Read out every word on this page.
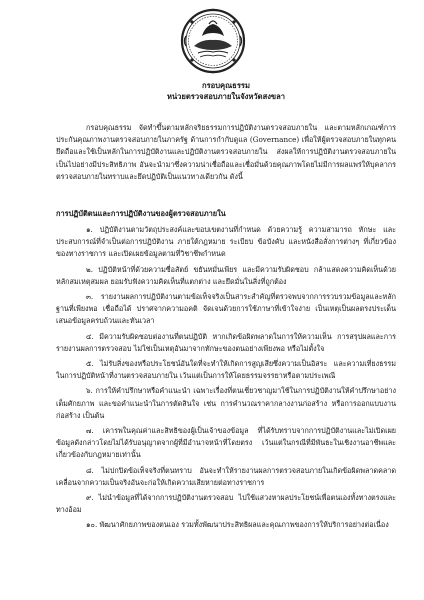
กรอบคุณธรรม

หน่วยตรวจสอบภายในจังหวัดสงขลา

กรอบคุณธรรม จัดทำขึ้นตามหลักจริยธรรมการปฏิบัติงานตรวจสอบภายใน และตามหลักเกณฑ์การประกันคุณภาพงานตรวจสอบภายในภาครัฐ ด้านการกำกับดูแล (Governance) เพื่อให้ผู้ตรวจสอบภายในทุกคนยึดถือและใช้เป็นหลักในการปฏิบัติงานและปฏิบัติงานตรวจสอบภายใน ส่งผลให้การปฏิบัติงานตรวจสอบภายในเป็นไปอย่างมีประสิทธิภาพ อันจะนำมาซึ่งความน่าเชื่อถือและเชื่อมั่นด้วยคุณภาพโดยไม่มีการผลแพร่ให้บุคลากรตรวจสอบภายในทราบและยึดปฏิบัติเป็นแนวทางเดียวกัน ดังนี้

การปฏิบัติตนและการปฏิบัติงานของผู้ตรวจสอบภายใน

๑. ปฏิบัติงานตามวัตถุประสงค์และขอบเขตงานที่กำหนด ด้วยความรู้ ความสามารถ ทักษะ และประสบการณ์ที่จำเป็นต่อการปฏิบัติงาน ภายใต้กฎหมาย ระเบียบ ข้อบังคับ และหนังสือสั่งการต่างๆ ที่เกี่ยวข้องของทางราชการ และเปิดเผยข้อมูลตามที่วิชาชีพกำหนด
๒. ปฏิบัติหน้าที่ด้วยความซื่อสัตย์ ขยันหมั่นเพียร และมีความรับผิดชอบ กล้าแสดงความคิดเห็นด้วยหลักสมเหตุสมผล ยอมรับฟังความคิดเห็นที่แตกต่าง และยึดมั่นในสิ่งที่ถูกต้อง
๓. รายงานผลการปฏิบัติงานตามข้อเท็จจริงเป็นสาระสำคัญที่ตรวจพบจากการรวบรวมข้อมูลและหลักฐานที่เพียงพอ เชื่อถือได้ ปราศจากความอคติ จัดเจนด้วยการใช้ภาษาที่เข้าใจง่าย เป็นเหตุเป็นผลตรงประเด็น เสนอข้อมูลครบถ้วนและทันเวลา
๔. มีความรับผิดชอบต่องานที่ตนปฏิบัติ หากเกิดข้อผิดพลาดในการให้ความเห็น การสรุปผลและการรายงานผลการตรวจสอบ ไม่ใช่เป็นเหตุอันมาจากทักษะของตนอย่างเพียงพอ หรือไม่ตั้งใจ
๕. ไม่รับสิ่งของหรือประโยชน์อันใดที่จะทำให้เกิดการสูญเสียซึ่งความเป็นอิสระ และความเที่ยงธรรมในการปฏิบัติหน้าที่งานตรวจสอบภายใน เว้นแต่เป็นการให้โดยธรรมจรรยาหรือตามประเพณี
๖. การให้คำปรึกษาหรือคำแนะนำ เฉพาะเรื่องที่ตนเชี่ยวชาญมาใช้ในการปฏิบัติงานให้คำปรึกษาอย่างเต็มศักยภาพ และขอคำแนะนำในการตัดสินใจ เช่น การคำนวณราคากลางงานก่อสร้าง หรือการออกแบบงานก่อสร้าง เป็นต้น
๗. เคารพในคุณค่าและสิทธิของผู้เป็นเจ้าของข้อมูล ที่ได้รับทราบจากการปฏิบัติงานและไม่เปิดเผยข้อมูลดังกล่าวโดยไม่ได้รับอนุญาตจากผู้ที่มีอำนาจหน้าที่โดยตรง เว้นแต่ในกรณีที่มีพันธะในเชิงงานอาชีพและเกี่ยวข้องกับกฎหมายเท่านั้น
๘. ไม่ปกปิดข้อเท็จจริงที่ตนทราบ อันจะทำให้รายงานผลการตรวจสอบภายในเกิดข้อผิดพลาดคลาดเคลื่อนจากความเป็นจริงอันจะก่อให้เกิดความเสียหายต่อทางราชการ
๙. ไม่นำข้อมูลที่ได้จากการปฏิบัติงานตรวจสอบ ไปใช้แสวงหาผลประโยชน์เพื่อตนเองทั้งทางตรงและทางอ้อม
๑๐. พัฒนาศักยภาพของตนเอง รวมทั้งพัฒนาประสิทธิผลและคุณภาพของการให้บริการอย่างต่อเนื่อง
